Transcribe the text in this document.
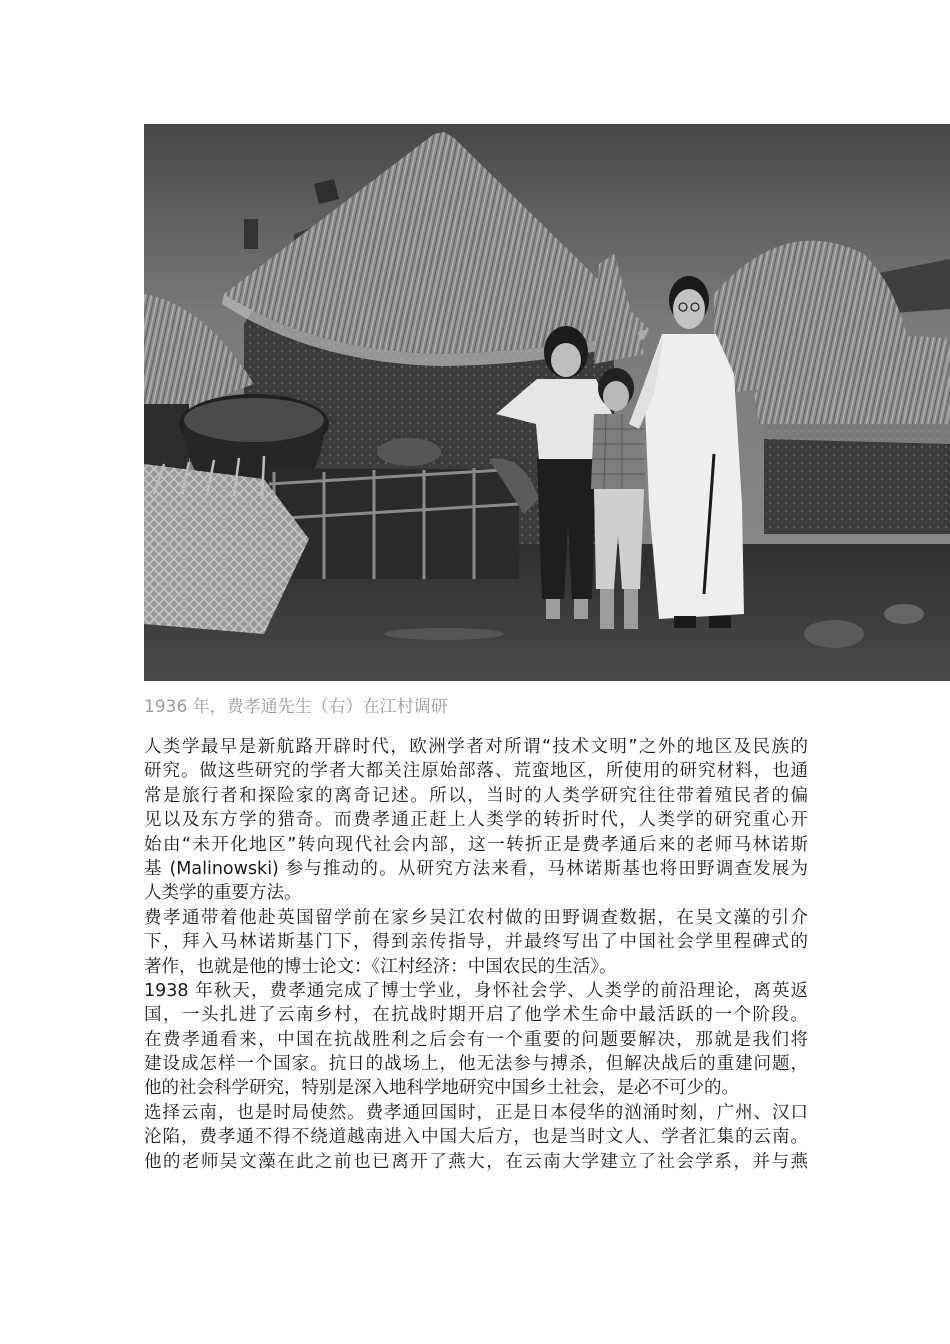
1936 年，费孝通先生（右）在江村调研
人类学最早是新航路开辟时代，欧洲学者对所谓“技术文明”之外的地区及民族的
研究。做这些研究的学者大都关注原始部落、荒蛮地区，所使用的研究材料，也通
常是旅行者和探险家的离奇记述。所以，当时的人类学研究往往带着殖民者的偏
见以及东方学的猎奇。而费孝通正赶上人类学的转折时代，人类学的研究重心开
始由“未开化地区”转向现代社会内部，这一转折正是费孝通后来的老师马林诺斯
基 (Malinowski) 参与推动的。从研究方法来看，马林诺斯基也将田野调查发展为
人类学的重要方法。
费孝通带着他赴英国留学前在家乡吴江农村做的田野调查数据，在吴文藻的引介
下，拜入马林诺斯基门下，得到亲传指导，并最终写出了中国社会学里程碑式的
著作，也就是他的博士论文：《江村经济：中国农民的生活》。
1938 年秋天，费孝通完成了博士学业，身怀社会学、人类学的前沿理论，离英返
国，一头扎进了云南乡村，在抗战时期开启了他学术生命中最活跃的一个阶段。
在费孝通看来，中国在抗战胜利之后会有一个重要的问题要解决，那就是我们将
建设成怎样一个国家。抗日的战场上，他无法参与搏杀，但解决战后的重建问题，
他的社会科学研究，特别是深入地科学地研究中国乡土社会，是必不可少的。
选择云南，也是时局使然。费孝通回国时，正是日本侵华的汹涌时刻，广州、汉口
沦陷，费孝通不得不绕道越南进入中国大后方，也是当时文人、学者汇集的云南。
他的老师吴文藻在此之前也已离开了燕大，在云南大学建立了社会学系，并与燕
